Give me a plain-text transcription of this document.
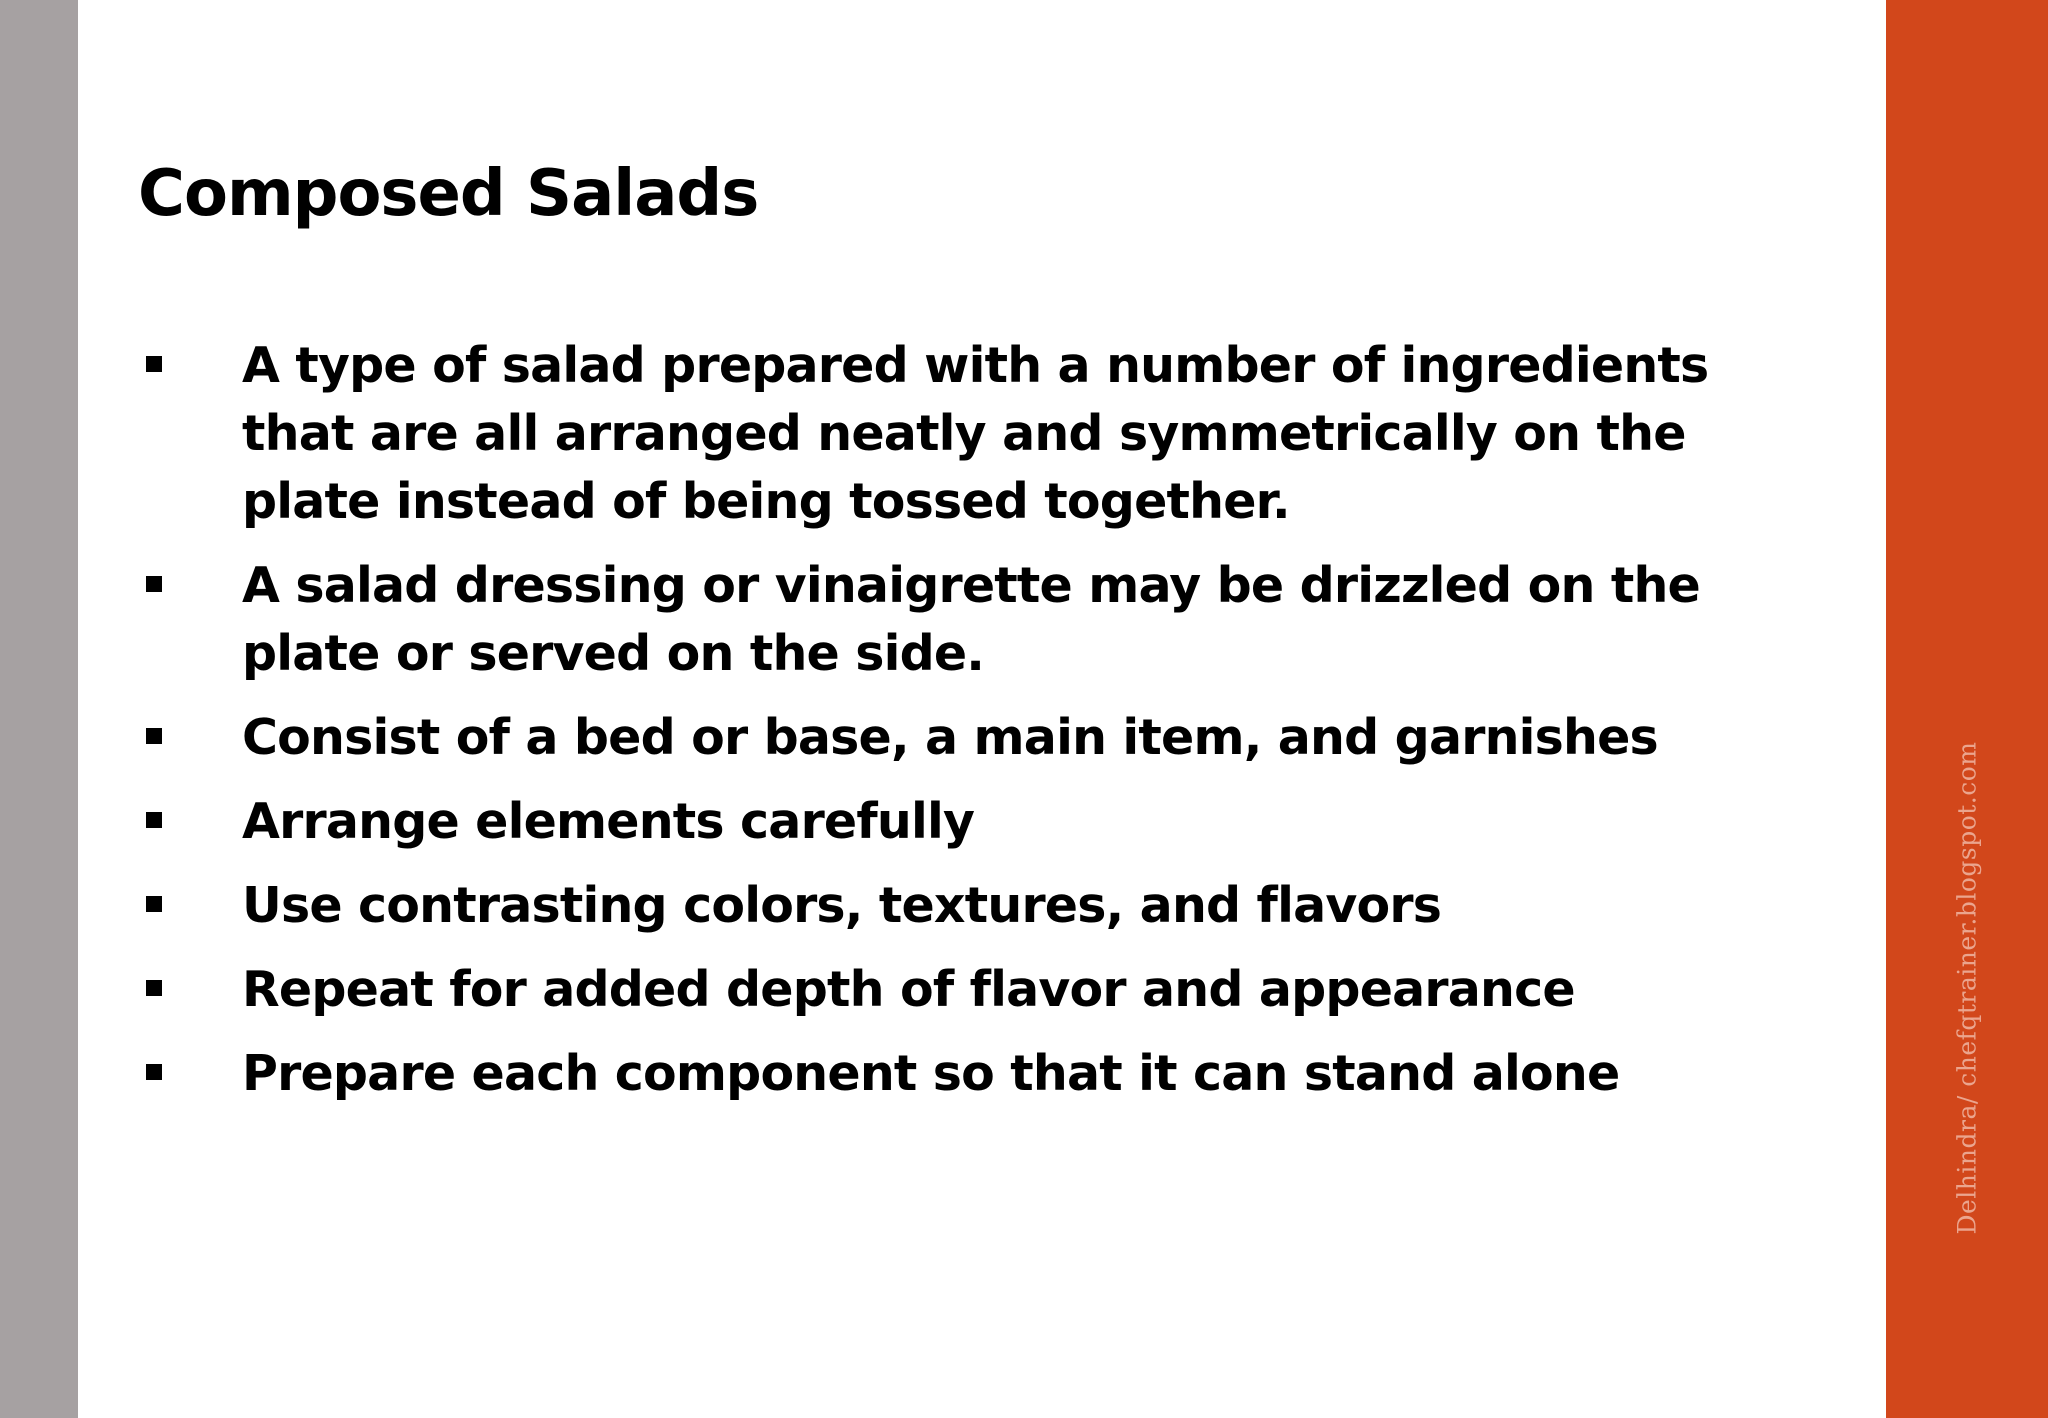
Delhindra/ chefqtrainer.blogspot.com
Composed Salads
A type of salad prepared with a number of ingredients that are all arranged neatly and symmetrically on the plate instead of being tossed together.
A salad dressing or vinaigrette may be drizzled on the plate or served on the side.
Consist of a bed or base, a main item, and garnishes
Arrange elements carefully
Use contrasting colors, textures, and flavors
Repeat for added depth of flavor and appearance
Prepare each component so that it can stand alone
